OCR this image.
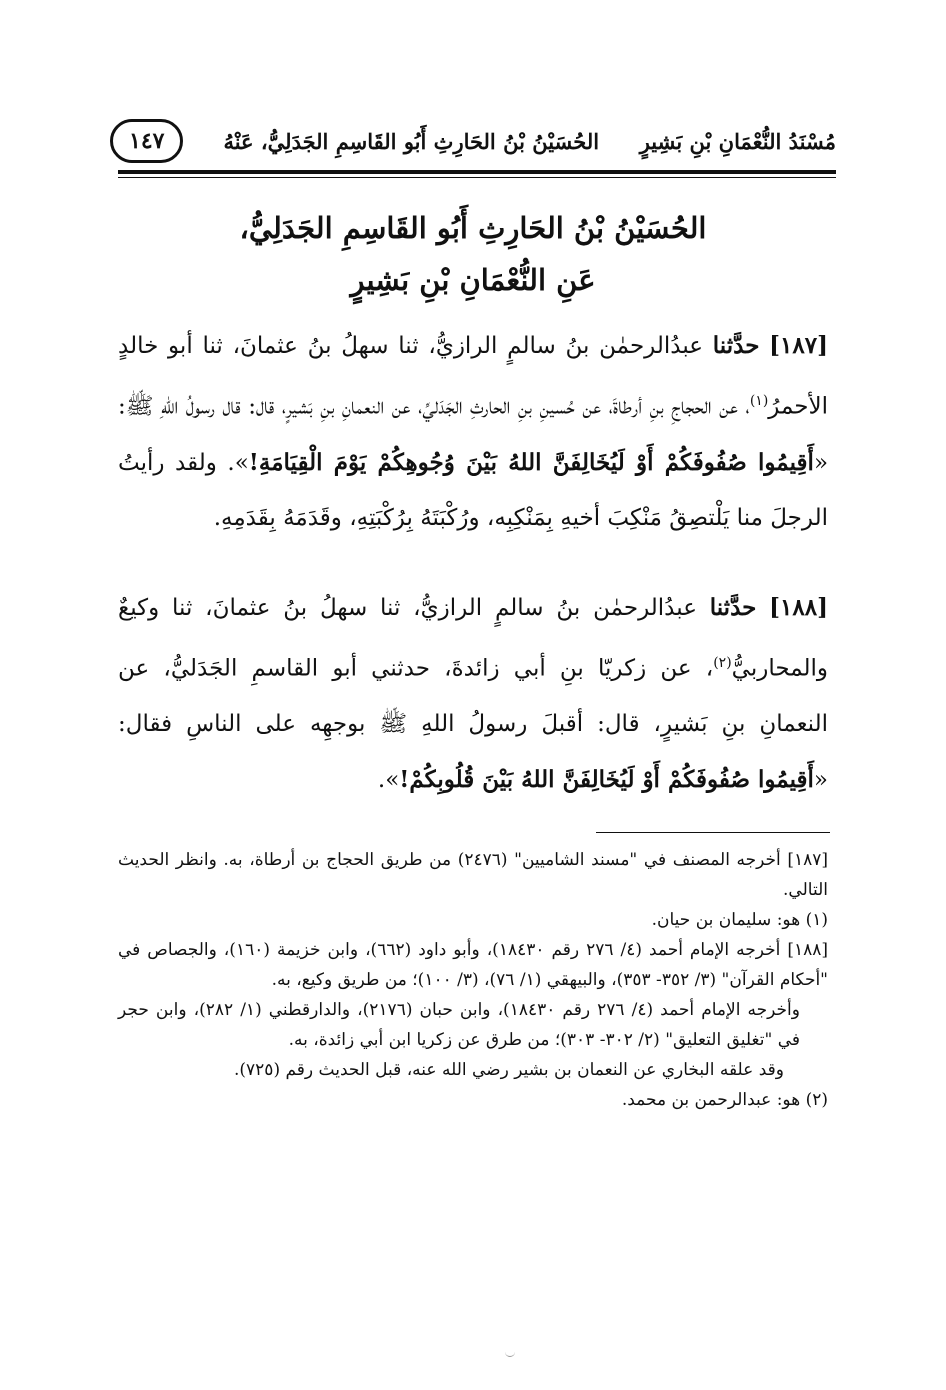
مُسْنَدُ النُّعْمَانِ بْنِ بَشِيرٍ
الحُسَيْنُ بْنُ الحَارِثِ أَبُو القَاسِمِ الجَدَلِيُّ، عَنْهُ
١٤٧
الحُسَيْنُ بْنُ الحَارِثِ أَبُو القَاسِمِ الجَدَلِيُّ،
عَنِ النُّعْمَانِ بْنِ بَشِيرٍ
[١٨٧] حدَّثنا عبدُالرحمٰن بنُ سالمٍ الرازيُّ، ثنا سهلُ بنُ عثمانَ، ثنا أبو خالدٍ الأحمرُ$^{(١)}$، عن الحجاجِ بنِ أرطاةَ، عن حُسينِ بنِ الحارثِ الجَدَليِّ، عن النعمانِ بنِ بَشيرٍ، قال: قال رسولُ اللهِ ﷺ: «أَقِيمُوا صُفُوفَكُمْ أَوْ لَيُخَالِفَنَّ اللهُ بَيْنَ وُجُوهِكُمْ يَوْمَ الْقِيَامَةِ!». ولقد رأيتُ الرجلَ منا يَلْتصِقُ مَنْكِبَ أخيهِ بِمَنْكِبِه، ورُكْبَتَهُ بِرُكْبَتِهِ، وقَدَمَهُ بِقَدَمِهِ.
[١٨٨] حدَّثنا عبدُالرحمٰن بنُ سالمٍ الرازيُّ، ثنا سهلُ بنُ عثمانَ، ثنا وكيعٌ والمحاربيُّ$^{(٢)}$، عن زكريّا بنِ أبي زائدةَ، حدثني أبو القاسمِ الجَدَليُّ، عن النعمانِ بنِ بَشيرٍ، قال: أقبلَ رسولُ اللهِ ﷺ بوجهِه على الناسِ فقال: «أَقِيمُوا صُفُوفَكُمْ أَوْ لَيُخَالِفَنَّ اللهُ بَيْنَ قُلُوبِكُمْ!».
[١٨٧] أخرجه المصنف في "مسند الشاميين" (٢٤٧٦) من طريق الحجاج بن أرطاة، به. وانظر الحديث التالي.
(١) هو: سليمان بن حيان.
[١٨٨] أخرجه الإمام أحمد (٤/ ٢٧٦ رقم ١٨٤٣٠)، وأبو داود (٦٦٢)، وابن خزيمة (١٦٠)، والجصاص في "أحكام القرآن" (٣/ ٣٥٢- ٣٥٣)، والبيهقي (١/ ٧٦)، (٣/ ١٠٠)؛ من طريق وكيع، به.
وأخرجه الإمام أحمد (٤/ ٢٧٦ رقم ١٨٤٣٠)، وابن حبان (٢١٧٦)، والدارقطني (١/ ٢٨٢)، وابن حجر في "تغليق التعليق" (٢/ ٣٠٢- ٣٠٣)؛ من طرق عن زكريا ابن أبي زائدة، به.
وقد علقه البخاري عن النعمان بن بشير رضي الله عنه، قبل الحديث رقم (٧٢٥).
(٢) هو: عبدالرحمن بن محمد.
